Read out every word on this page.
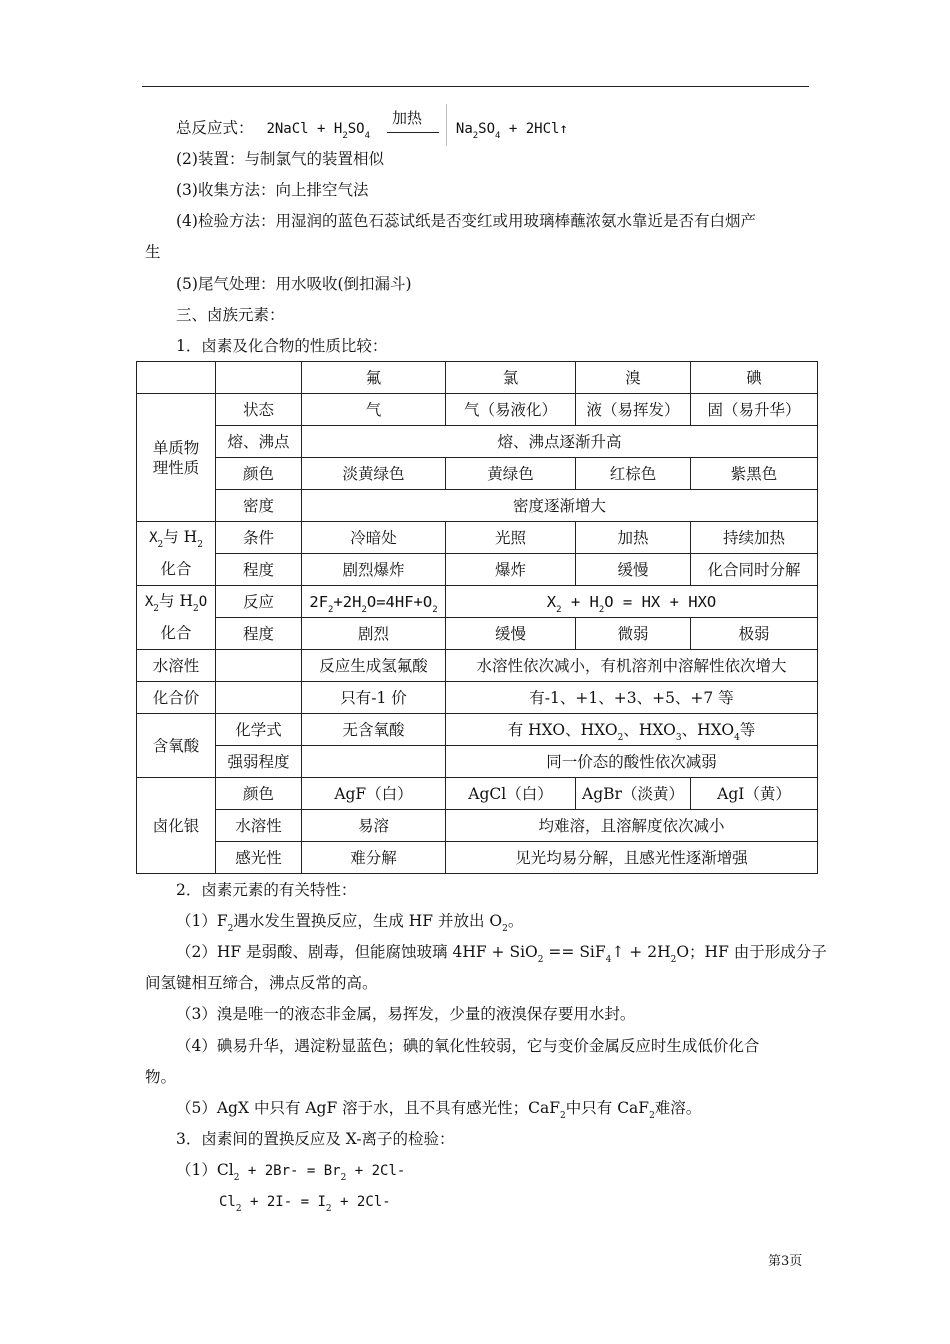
总反应式： 2NaCl + $H_2SO_4$
加热
$Na_2SO_4$ + 2HCl↑
(2)装置：与制氯气的装置相似
(3)收集方法：向上排空气法
(4)检验方法：用湿润的蓝色石蕊试纸是否变红或用玻璃棒蘸浓氨水靠近是否有白烟产
生
(5)尾气处理：用水吸收(倒扣漏斗)
三、卤族元素：
1．卤素及化合物的性质比较：
		氟	氯	溴	碘
单质物
理性质	状态	气	气（易液化）	液（易挥发）	固（易升华）
	熔、沸点	熔、沸点逐渐升高			
	颜色	淡黄绿色	黄绿色	红棕色	紫黑色
	密度	密度逐渐增大			
$X_2$与 $H_2$
化合	条件	冷暗处	光照	加热	持续加热
	程度	剧烈爆炸	爆炸	缓慢	化合同时分解
$X_2$与 $H_2O$
化合	反应	$2F_2+2H_2O=4HF+O_2$	$X_2 + H_2O$ = HX + HXO		
	程度	剧烈	缓慢	微弱	极弱
水溶性		反应生成氢氟酸	水溶性依次减小，有机溶剂中溶解性依次增大		
化合价		只有-1 价	有-1、+1、+3、+5、+7 等		
含氧酸	化学式	无含氧酸	有 HXO、$HXO_2$、$HXO_3$、$HXO_4$等		
	强弱程度		同一价态的酸性依次减弱		
卤化银	颜色	AgF（白）	AgCl（白）	AgBr（淡黄）	AgI（黄）
	水溶性	易溶	均难溶，且溶解度依次减小		
	感光性	难分解	见光均易分解，且感光性逐渐增强		
2．卤素元素的有关特性：
$(1)F_2$遇水发生置换反应，生成 HF 并放出 $O_2$。
（2）HF 是弱酸、剧毒，但能腐蚀玻璃 4HF + SiO$_2$ == SiF$_4$↑ + $2H_2O$；HF 由于形成分子
间氢键相互缔合，沸点反常的高。
（3）溴是唯一的液态非金属，易挥发，少量的液溴保存要用水封。
（4）碘易升华，遇淀粉显蓝色；碘的氧化性较弱，它与变价金属反应时生成低价化合
物。
（5）AgX 中只有 AgF 溶于水，且不具有感光性；CaF$_2$中只有 CaF$_2$难溶。
3．卤素间的置换反应及 X-离子的检验：
$(1)Cl_2 + 2Br- = Br_2 + 2Cl-$
$Cl_2 + 2I- = I_2 + 2Cl-$
第3页
